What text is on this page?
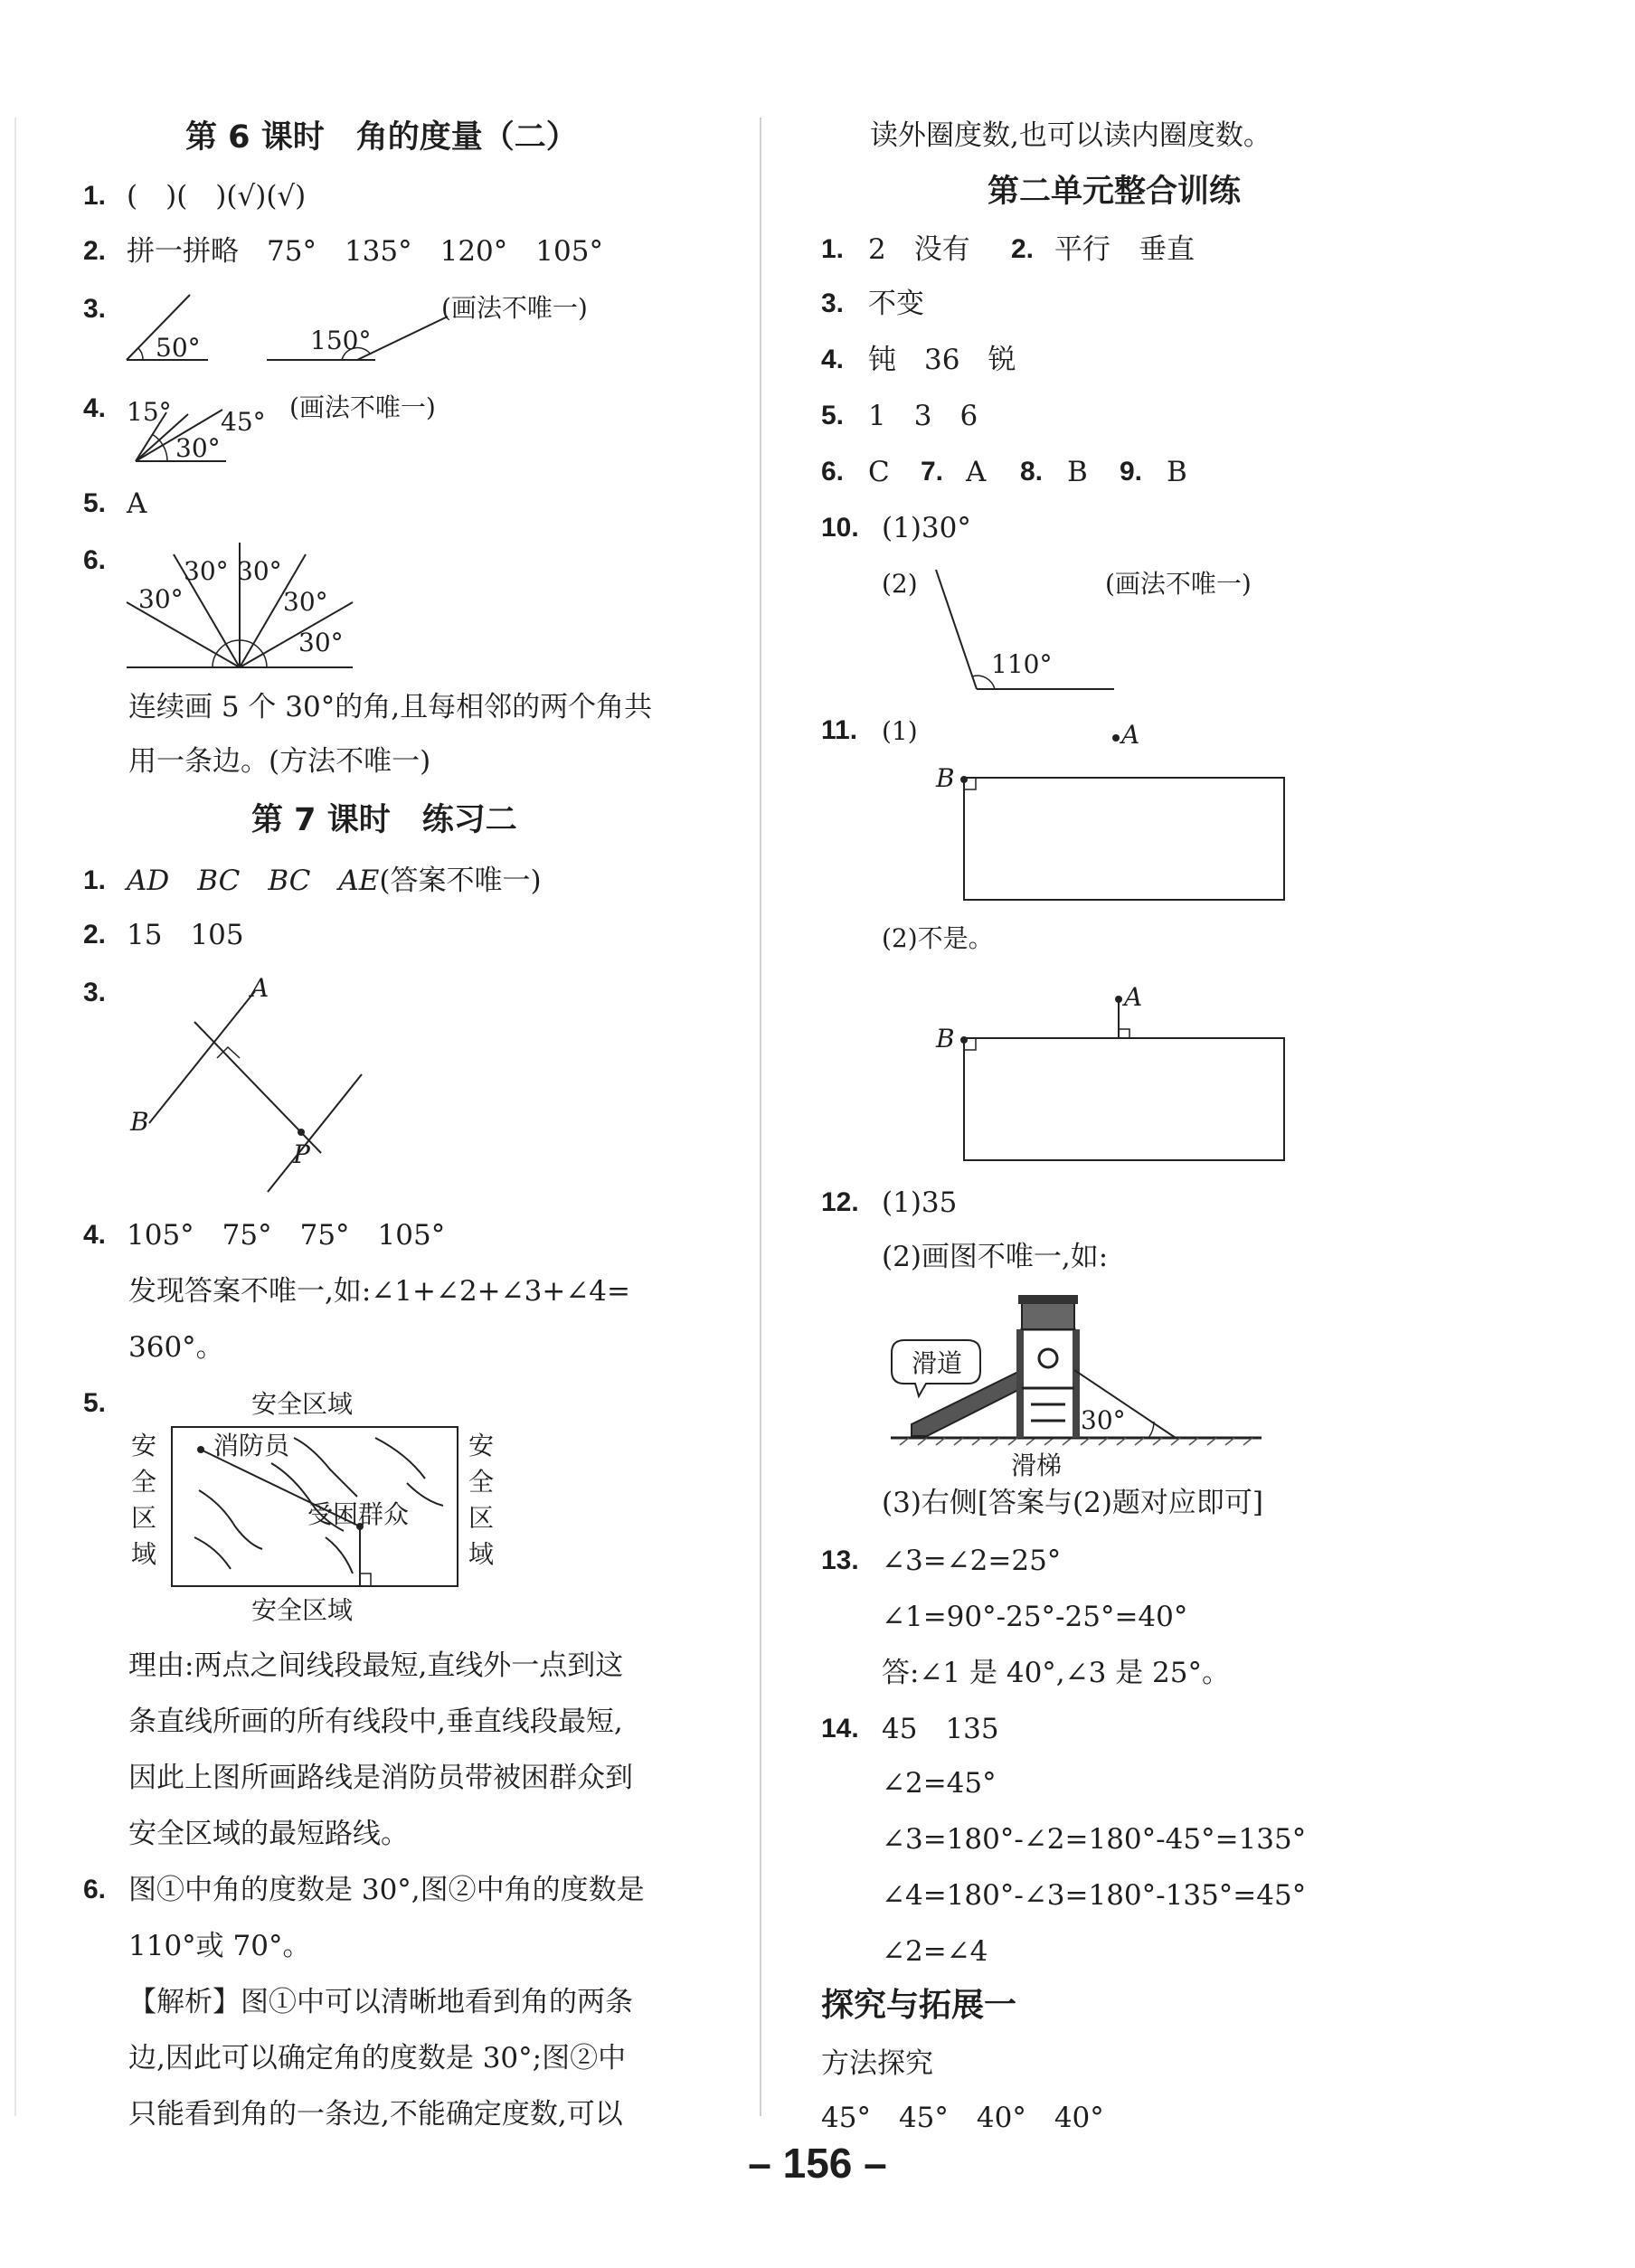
第 6 课时　角的度量（二）
1. (　)(　)(√)(√)
2. 拼一拼略　75°　135°　120°　105°
3.
50°	150°
(画法不唯一)
4. 15° 45°
30°
(画法不唯一)
5. A
6.
30°
30° 30°
30°
30°
连续画 5 个 30°的角,且每相邻的两个角共
用一条边。(方法不唯一)
第 7 课时　练习二
1. AD　BC　BC　AE(答案不唯一)
2. 15　105
3.	A
B
P
4. 105°　75°　75°　105°
发现答案不唯一,如:∠1+∠2+∠3+∠4=
360°。
5.	安全区域
安全区域
安
全
区
域
安
全
区
域
消防员
受困群众
理由:两点之间线段最短,直线外一点到这
条直线所画的所有线段中,垂直线段最短,
因此上图所画路线是消防员带被困群众到
安全区域的最短路线。
6. 图①中角的度数是 30°,图②中角的度数是
110°或 70°。
【解析】图①中可以清晰地看到角的两条
边,因此可以确定角的度数是 30°;图②中
只能看到角的一条边,不能确定度数,可以
读外圈度数,也可以读内圈度数。
第二单元整合训练
1. 2　没有 2. 平行　垂直
3. 不变
4. 钝　36　锐
5. 1　3　6
6. C 7. A 8. B 9. B
10. (1)30°
(2)	(画法不唯一)
110°
11. (1)	A
B
(2)不是。
A
B
12. (1)35
(2)画图不唯一,如:
30°
滑道
滑梯
(3)右侧[答案与(2)题对应即可]
13. ∠3=∠2=25°
∠1=90°-25°-25°=40°
答:∠1 是 40°,∠3 是 25°。
14. 45　135
∠2=45°
∠3=180°-∠2=180°-45°=135°
∠4=180°-∠3=180°-135°=45°
∠2=∠4
探究与拓展一
方法探究
45°　45°　40°　40°
– 156 –
